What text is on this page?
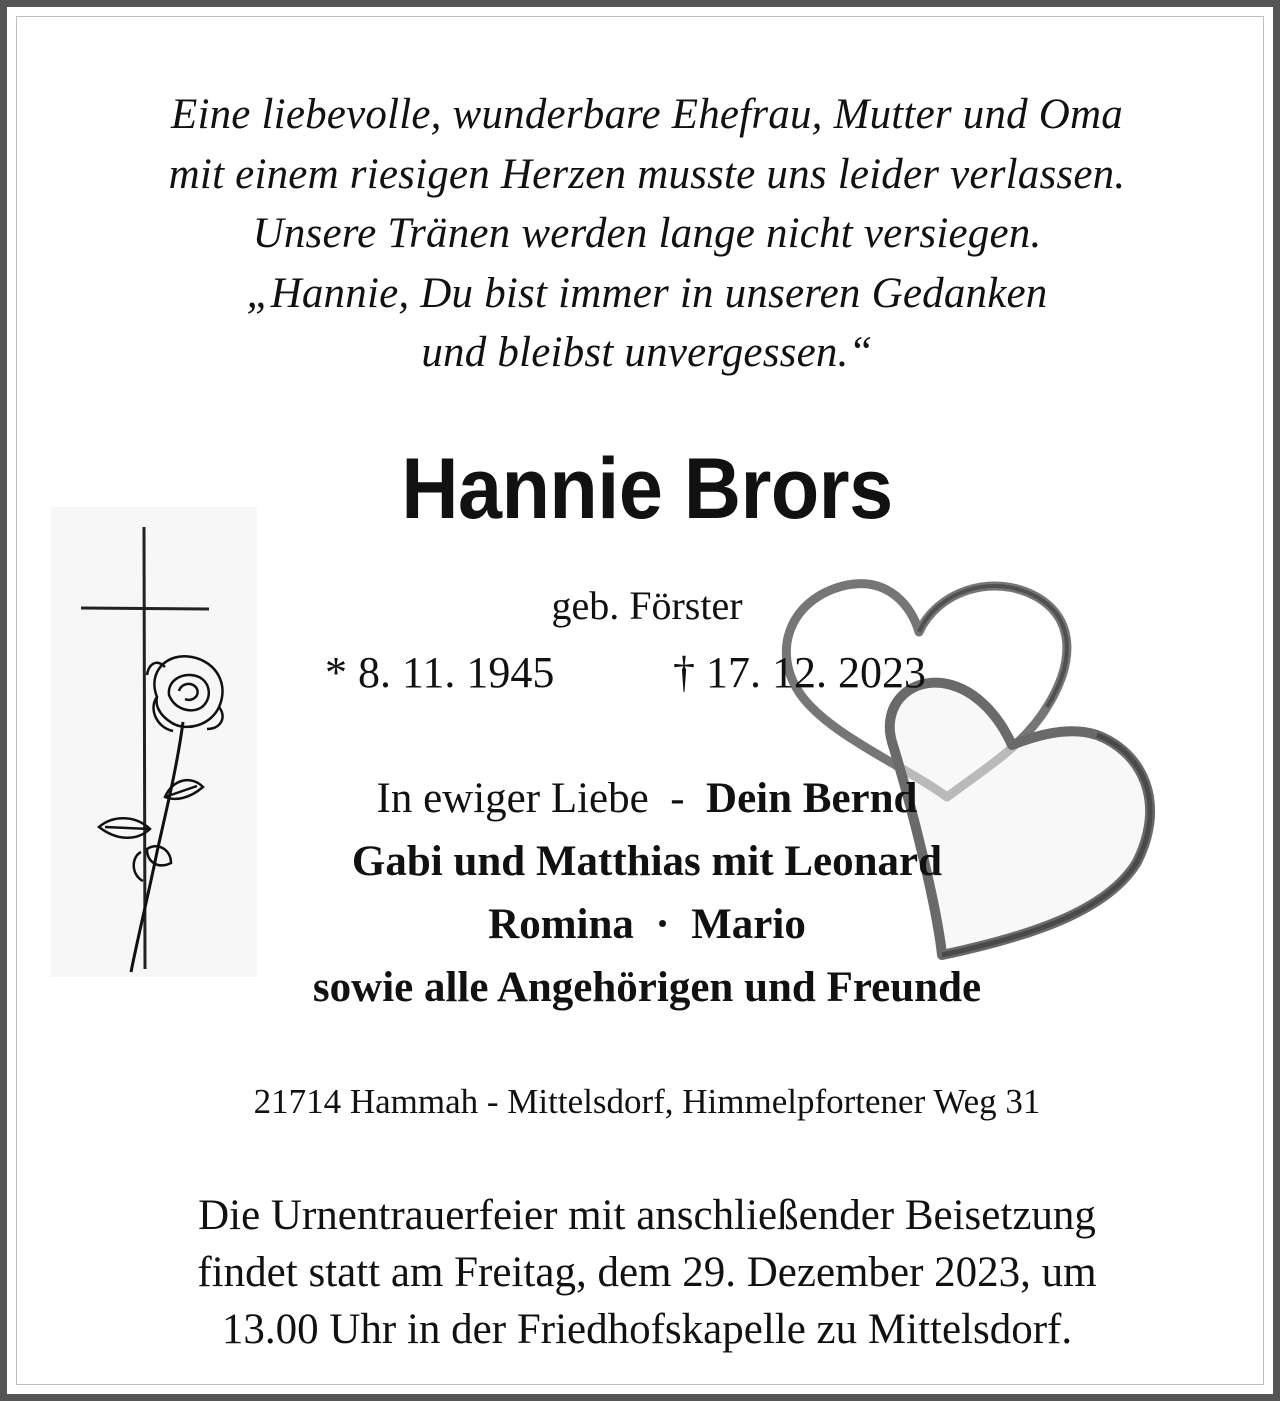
Eine liebevolle, wunderbare Ehefrau, Mutter und Oma
mit einem riesigen Herzen musste uns leider verlassen.
Unsere Tränen werden lange nicht versiegen.
„Hannie, Du bist immer in unseren Gedanken
und bleibst unvergessen.“
Hannie Brors
geb. Förster
* 8. 11. 1945	† 17. 12. 2023
In ewiger Liebe  -  Dein Bernd
Gabi und Matthias mit Leonard
Romina  ·  Mario
sowie alle Angehörigen und Freunde
21714 Hammah - Mittelsdorf, Himmelpfortener Weg 31
Die Urnentrauerfeier mit anschließender Beisetzung
findet statt am Freitag, dem 29. Dezember 2023, um
13.00 Uhr in der Friedhofskapelle zu Mittelsdorf.
